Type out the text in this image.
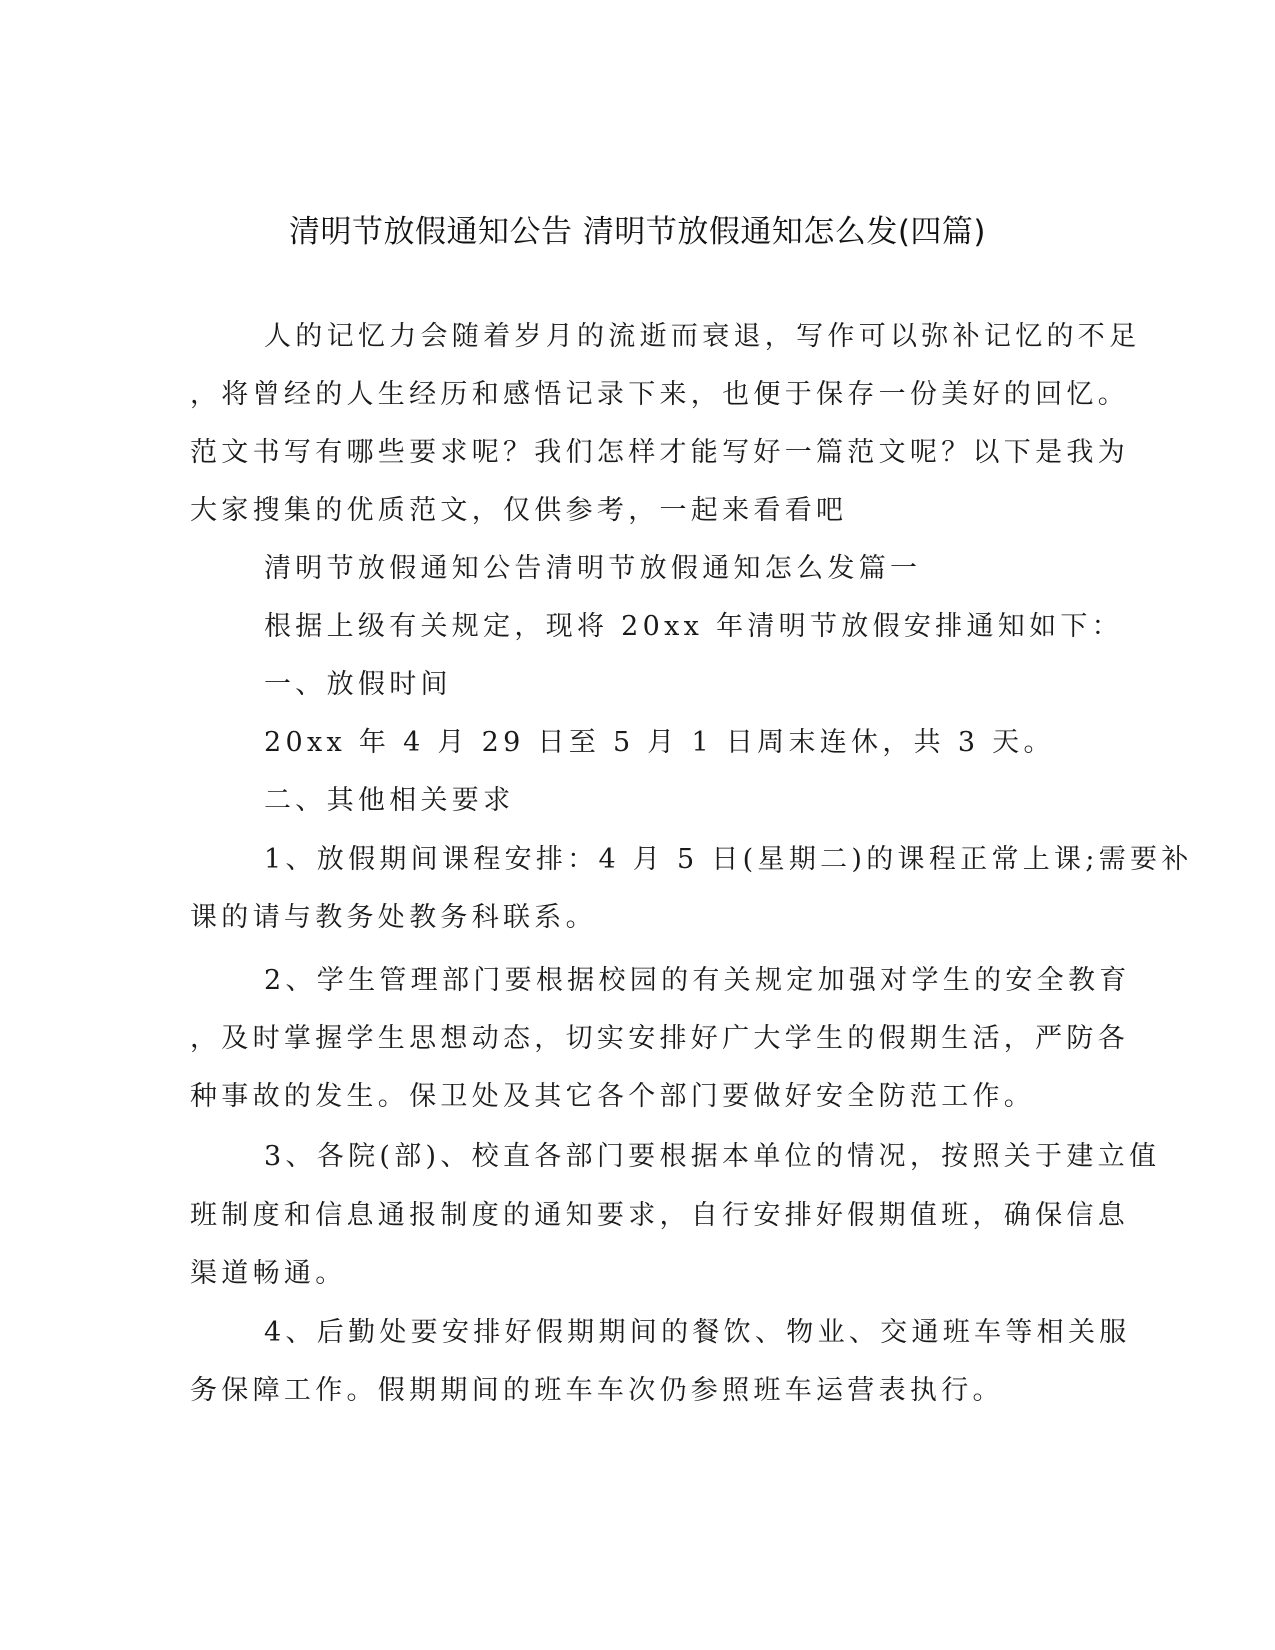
清明节放假通知公告 清明节放假通知怎么发(四篇)
人的记忆力会随着岁月的流逝而衰退，写作可以弥补记忆的不足
，将曾经的人生经历和感悟记录下来，也便于保存一份美好的回忆。
范文书写有哪些要求呢？我们怎样才能写好一篇范文呢？以下是我为
大家搜集的优质范文，仅供参考，一起来看看吧
清明节放假通知公告清明节放假通知怎么发篇一
根据上级有关规定，现将 20xx 年清明节放假安排通知如下：
一、放假时间
20xx 年 4 月 29 日至 5 月 1 日周末连休，共 3 天。
二、其他相关要求
1、放假期间课程安排：4 月 5 日(星期二)的课程正常上课;需要补
课的请与教务处教务科联系。
2、学生管理部门要根据校园的有关规定加强对学生的安全教育
，及时掌握学生思想动态，切实安排好广大学生的假期生活，严防各
种事故的发生。保卫处及其它各个部门要做好安全防范工作。
3、各院(部)、校直各部门要根据本单位的情况，按照关于建立值
班制度和信息通报制度的通知要求，自行安排好假期值班，确保信息
渠道畅通。
4、后勤处要安排好假期期间的餐饮、物业、交通班车等相关服
务保障工作。假期期间的班车车次仍参照班车运营表执行。
